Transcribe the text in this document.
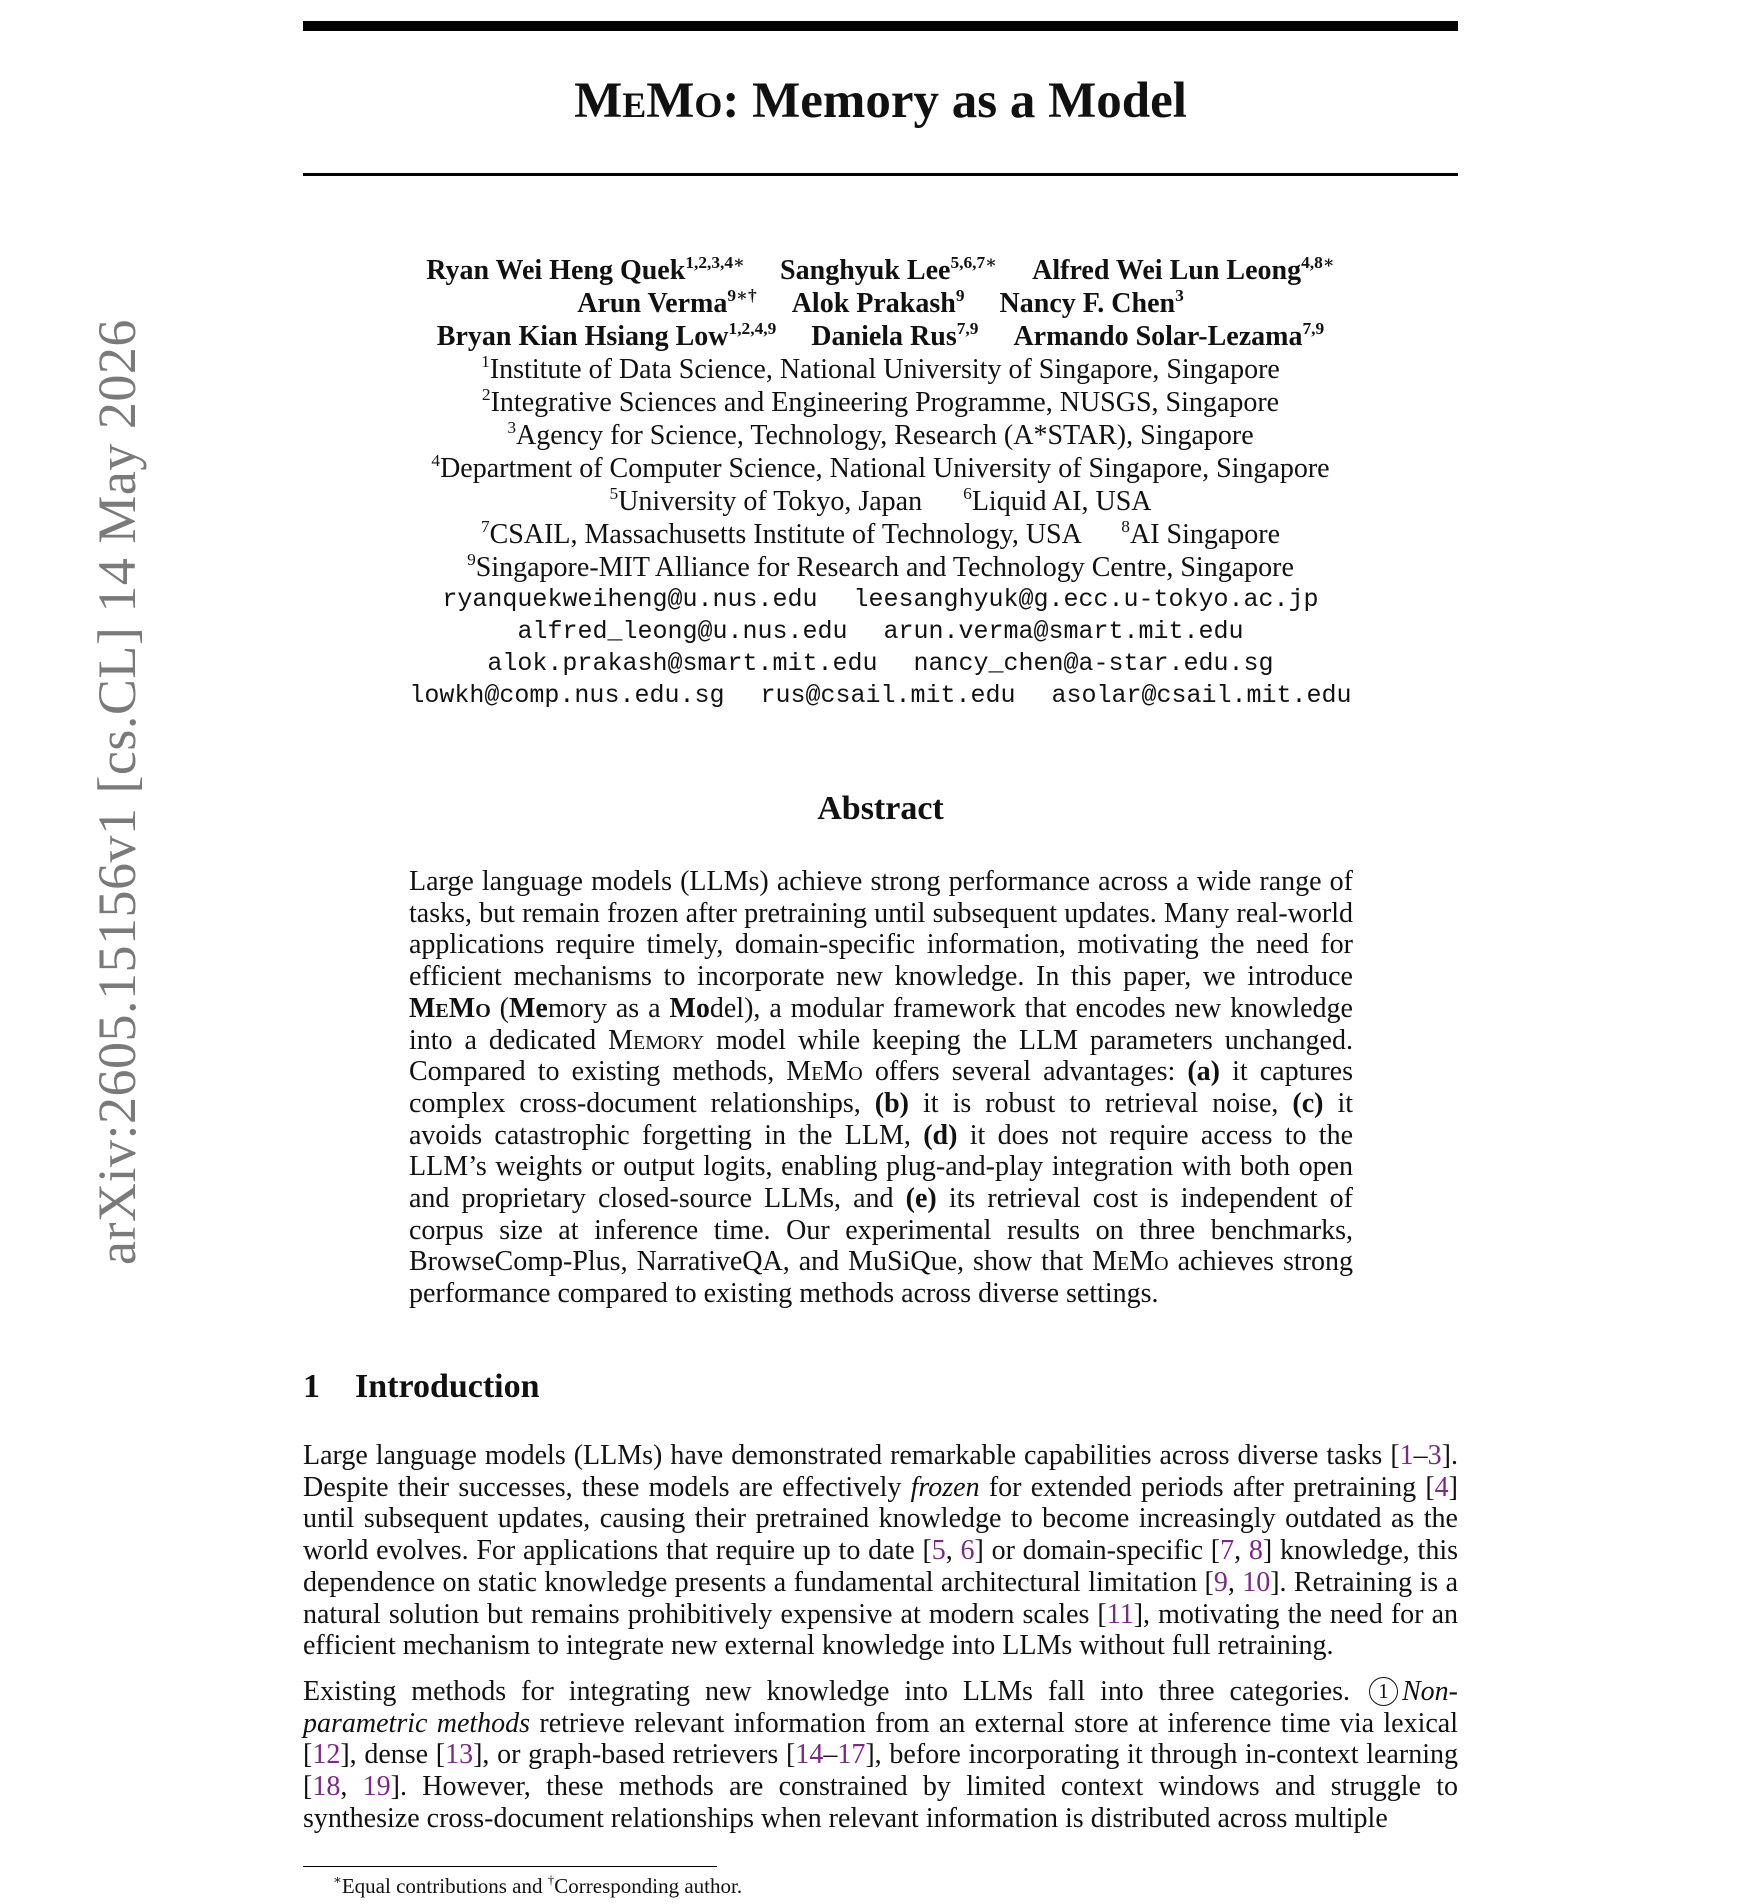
arXiv:2605.15156v1 [cs.CL] 14 May 2026
MeMo: Memory as a Model
Ryan Wei Heng Quek$^{1,2,3,4∗}$ Sanghyuk Lee$^{5,6,7∗}$ Alfred Wei Lun Leong$^{4,8∗}$
Arun Verma$^{9∗\dagger}$ Alok Prakash$^9$ Nancy F. Chen$^3$
Bryan Kian Hsiang Low$^{1,2,4,9}$ Daniela Rus$^{7,9}$ Armando Solar-Lezama$^{7,9}$
$^1$Institute of Data Science, National University of Singapore, Singapore
$^2$Integrative Sciences and Engineering Programme, NUSGS, Singapore
$^3$Agency for Science, Technology, Research (A*STAR), Singapore
$^4$Department of Computer Science, National University of Singapore, Singapore
$^5$University of Tokyo, Japan $^6$Liquid AI, USA
$^7$CSAIL, Massachusetts Institute of Technology, USA $^8$AI Singapore
$^9$Singapore-MIT Alliance for Research and Technology Centre, Singapore
ryanquekweiheng@u.nus.edu leesanghyuk@g.ecc.u-tokyo.ac.jp
alfred_leong@u.nus.edu arun.verma@smart.mit.edu
alok.prakash@smart.mit.edu nancy_chen@a-star.edu.sg
lowkh@comp.nus.edu.sg rus@csail.mit.edu asolar@csail.mit.edu
Abstract

Large language models (LLMs) achieve strong performance across a wide range of tasks, but remain frozen after pretraining until subsequent updates. Many real-world applications require timely, domain-specific information, motivating the need for efficient mechanisms to incorporate new knowledge. In this paper, we introduce MeMo (Memory as a Model), a modular framework that encodes new knowledge into a dedicated Memory model while keeping the LLM parameters unchanged. Compared to existing methods, MeMo offers several advantages: (a) it captures complex cross-document relationships, (b) it is robust to retrieval noise, (c) it avoids catastrophic forgetting in the LLM, (d) it does not require access to the LLM’s weights or output logits, enabling plug-and-play integration with both open and proprietary closed-source LLMs, and (e) its retrieval cost is independent of corpus size at inference time. Our experimental results on three benchmarks, BrowseComp-Plus, NarrativeQA, and MuSiQue, show that MeMo achieves strong performance compared to existing methods across diverse settings.

1 Introduction

Large language models (LLMs) have demonstrated remarkable capabilities across diverse tasks [1–3]. Despite their successes, these models are effectively frozen for extended periods after pretraining [4] until subsequent updates, causing their pretrained knowledge to become increasingly outdated as the world evolves. For applications that require up to date [5, 6] or domain-specific [7, 8] knowledge, this dependence on static knowledge presents a fundamental architectural limitation [9, 10]. Retraining is a natural solution but remains prohibitively expensive at modern scales [11], motivating the need for an efficient mechanism to integrate new external knowledge into LLMs without full retraining.

Existing methods for integrating new knowledge into LLMs fall into three categories. 1 Non-parametric methods retrieve relevant information from an external store at inference time via lexical [12], dense [13], or graph-based retrievers [14–17], before incorporating it through in-context learning [18, 19]. However, these methods are constrained by limited context windows and struggle to synthesize cross-document relationships when relevant information is distributed across multiple

∗Equal contributions and †Corresponding author.
